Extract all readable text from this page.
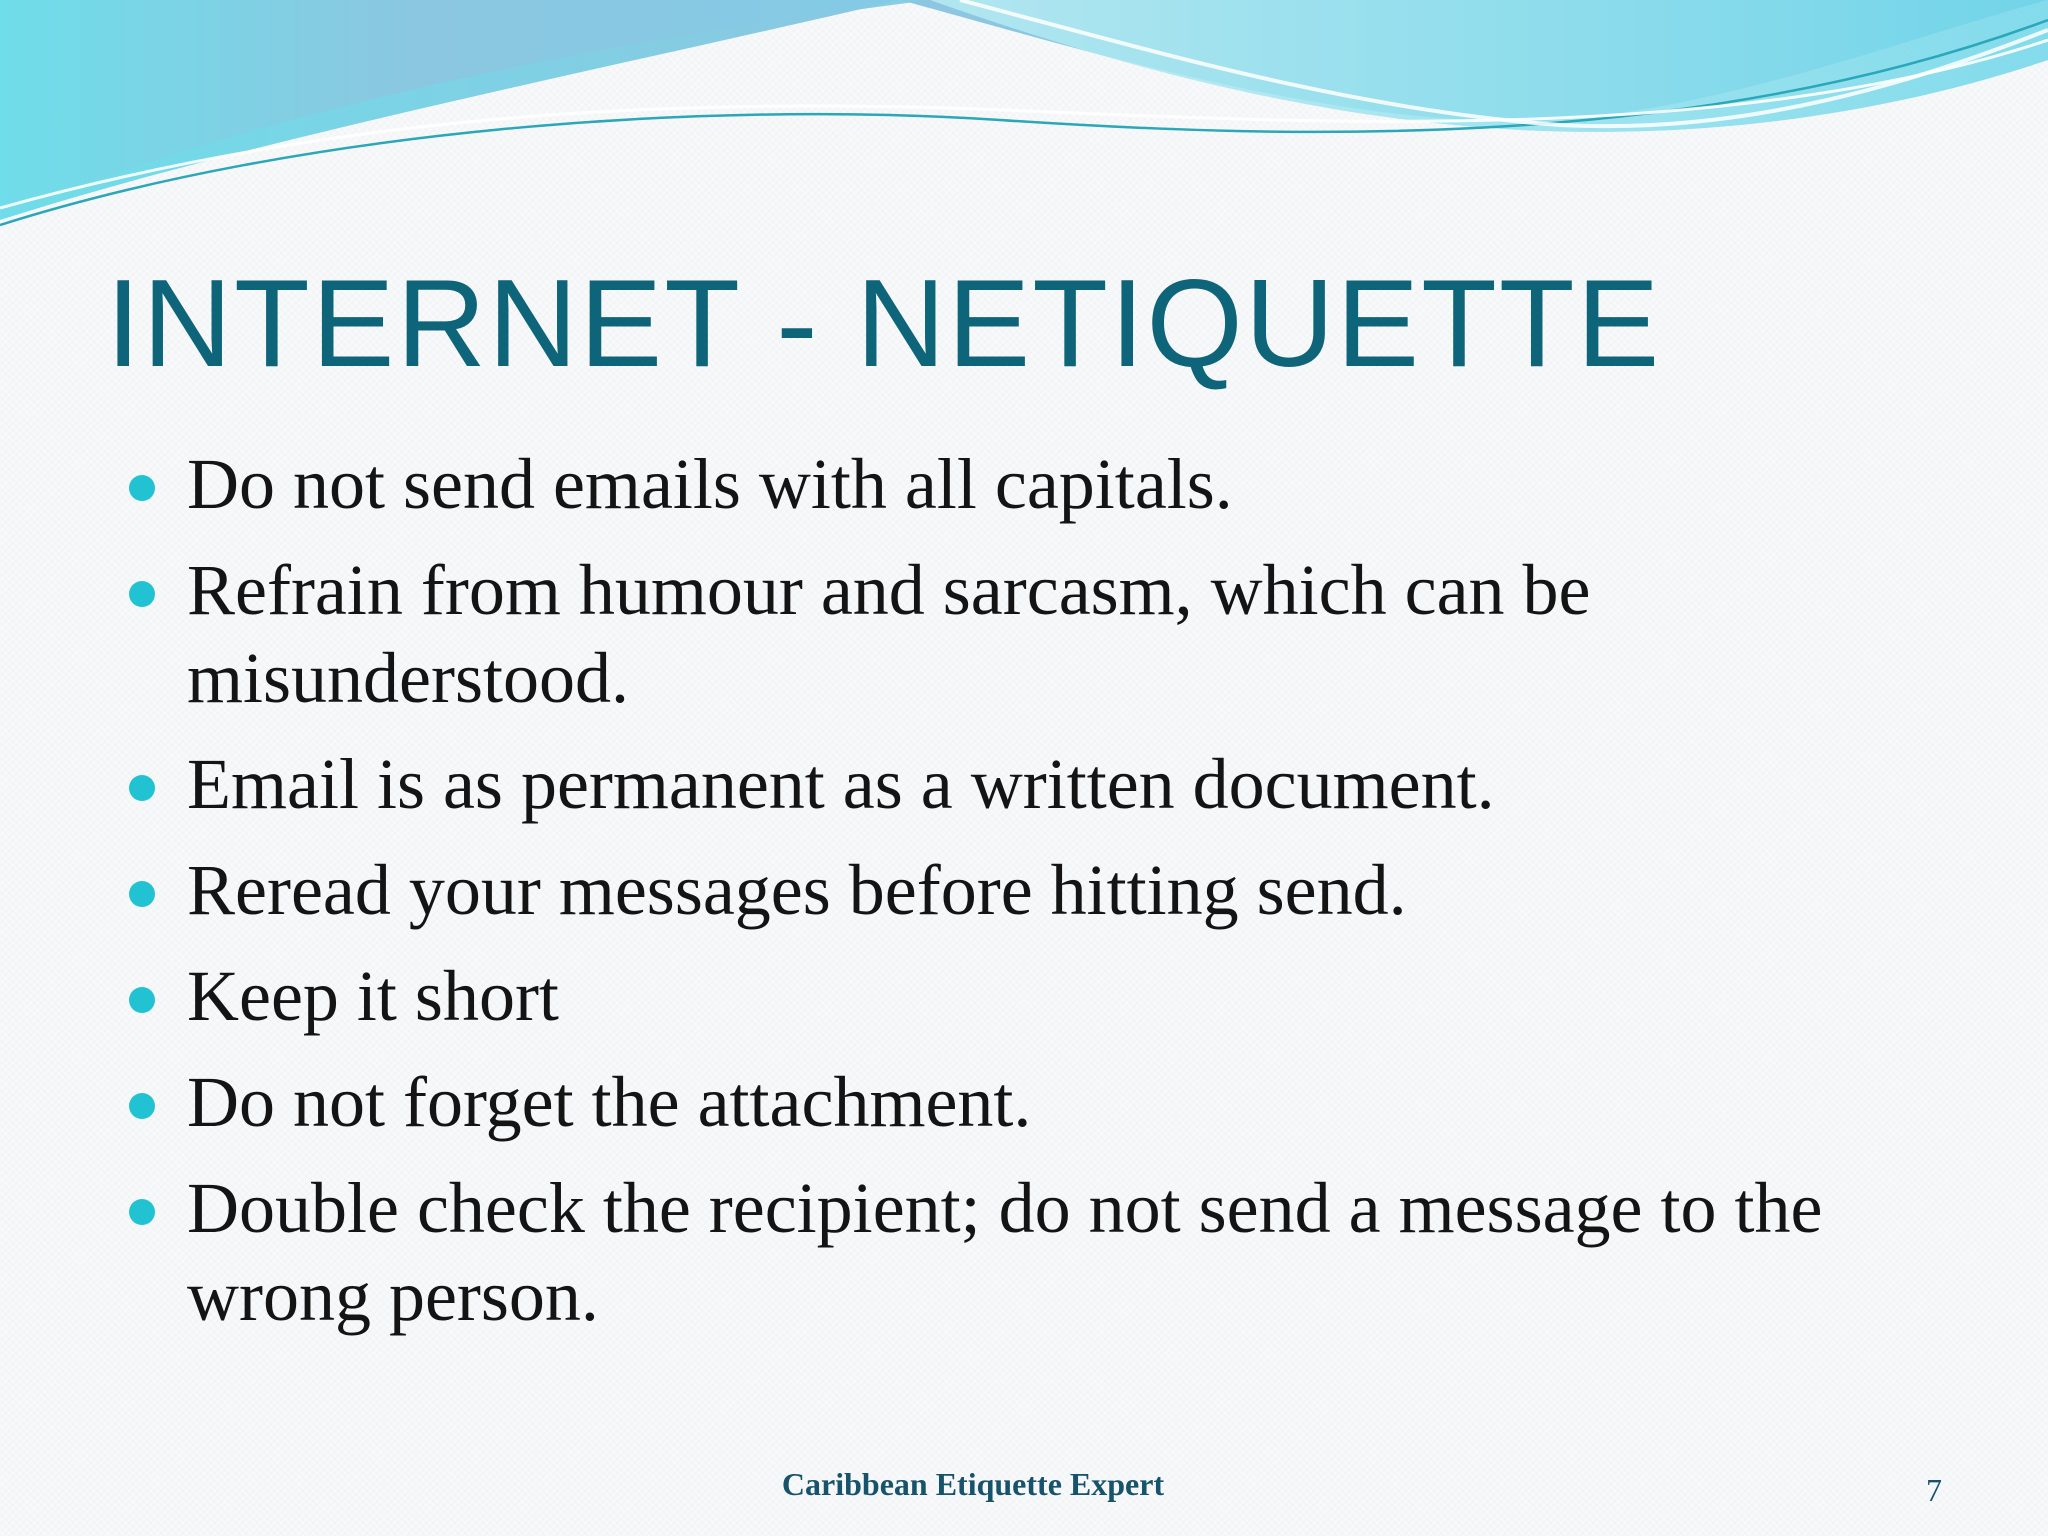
INTERNET - NETIQUETTE
Do not send emails with all capitals.
Refrain from humour and sarcasm, which can be misunderstood.
Email is as permanent as a written document.
Reread your messages before hitting send.
Keep it short
Do not forget the attachment.
Double check the recipient; do not send a message to the wrong person.
Caribbean Etiquette Expert	7
